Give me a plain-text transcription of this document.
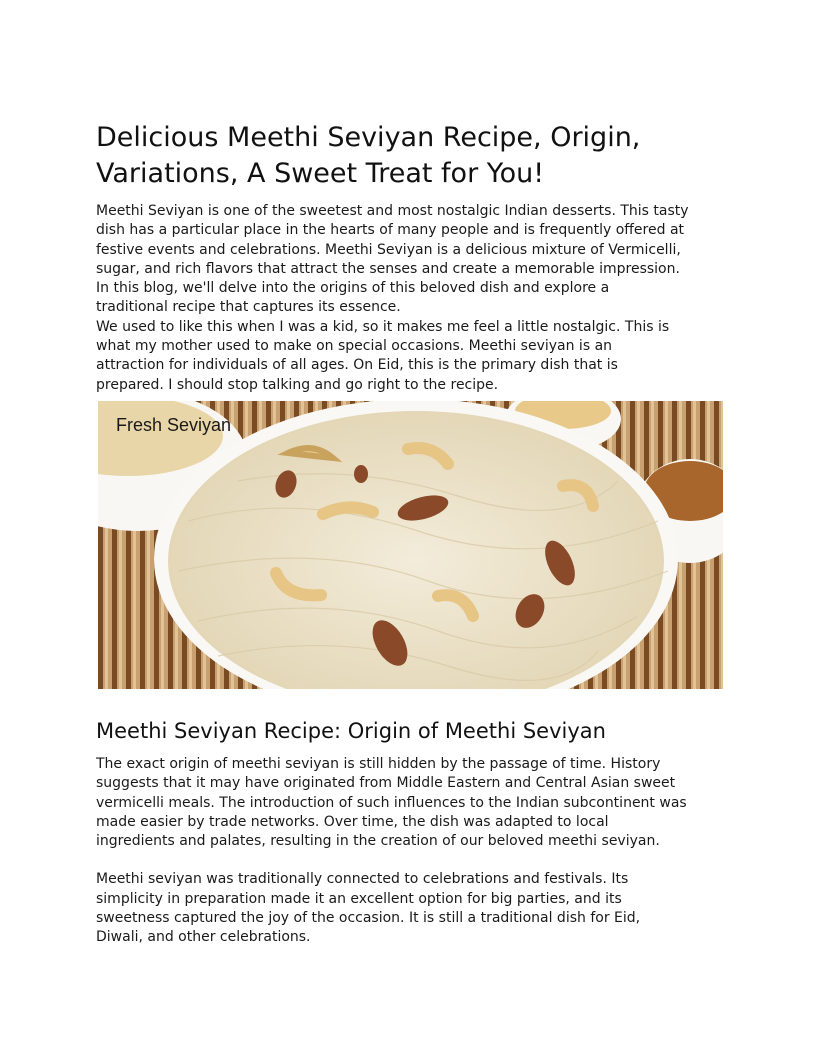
Delicious Meethi Seviyan Recipe, Origin, Variations, A Sweet Treat for You!

Meethi Seviyan is one of the sweetest and most nostalgic Indian desserts. This tasty
dish has a particular place in the hearts of many people and is frequently offered at
festive events and celebrations. Meethi Seviyan is a delicious mixture of Vermicelli,
sugar, and rich flavors that attract the senses and create a memorable impression.
In this blog, we'll delve into the origins of this beloved dish and explore a
traditional recipe that captures its essence.

We used to like this when I was a kid, so it makes me feel a little nostalgic. This is
what my mother used to make on special occasions. Meethi seviyan is an
attraction for individuals of all ages. On Eid, this is the primary dish that is
prepared. I should stop talking and go right to the recipe.

Fresh Seviyan
Meethi Seviyan Recipe: Origin of Meethi Seviyan

The exact origin of meethi seviyan is still hidden by the passage of time. History
suggests that it may have originated from Middle Eastern and Central Asian sweet
vermicelli meals. The introduction of such influences to the Indian subcontinent was
made easier by trade networks. Over time, the dish was adapted to local
ingredients and palates, resulting in the creation of our beloved meethi seviyan.

Meethi seviyan was traditionally connected to celebrations and festivals. Its
simplicity in preparation made it an excellent option for big parties, and its
sweetness captured the joy of the occasion. It is still a traditional dish for Eid,
Diwali, and other celebrations.
